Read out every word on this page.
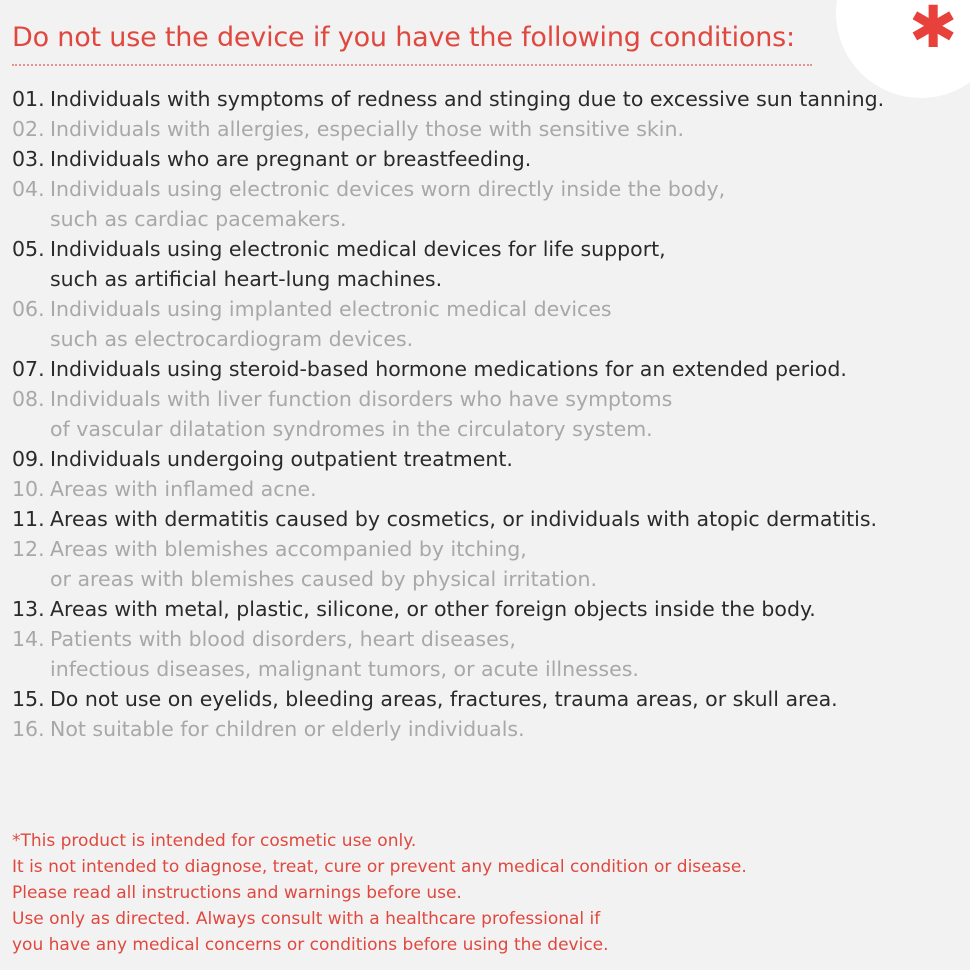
✱
Do not use the device if you have the following conditions:
01. Individuals with symptoms of redness and stinging due to excessive sun tanning.
02. Individuals with allergies, especially those with sensitive skin.
03. Individuals who are pregnant or breastfeeding.
04. Individuals using electronic devices worn directly inside the body,
such as cardiac pacemakers.
05. Individuals using electronic medical devices for life support,
such as artificial heart-lung machines.
06. Individuals using implanted electronic medical devices
such as electrocardiogram devices.
07. Individuals using steroid-based hormone medications for an extended period.
08. Individuals with liver function disorders who have symptoms
of vascular dilatation syndromes in the circulatory system.
09. Individuals undergoing outpatient treatment.
10. Areas with inflamed acne.
11. Areas with dermatitis caused by cosmetics, or individuals with atopic dermatitis.
12. Areas with blemishes accompanied by itching,
or areas with blemishes caused by physical irritation.
13. Areas with metal, plastic, silicone, or other foreign objects inside the body.
14. Patients with blood disorders, heart diseases,
infectious diseases, malignant tumors, or acute illnesses.
15. Do not use on eyelids, bleeding areas, fractures, trauma areas, or skull area.
16. Not suitable for children or elderly individuals.
*This product is intended for cosmetic use only.
It is not intended to diagnose, treat, cure or prevent any medical condition or disease.
Please read all instructions and warnings before use.
Use only as directed. Always consult with a healthcare professional if
you have any medical concerns or conditions before using the device.
